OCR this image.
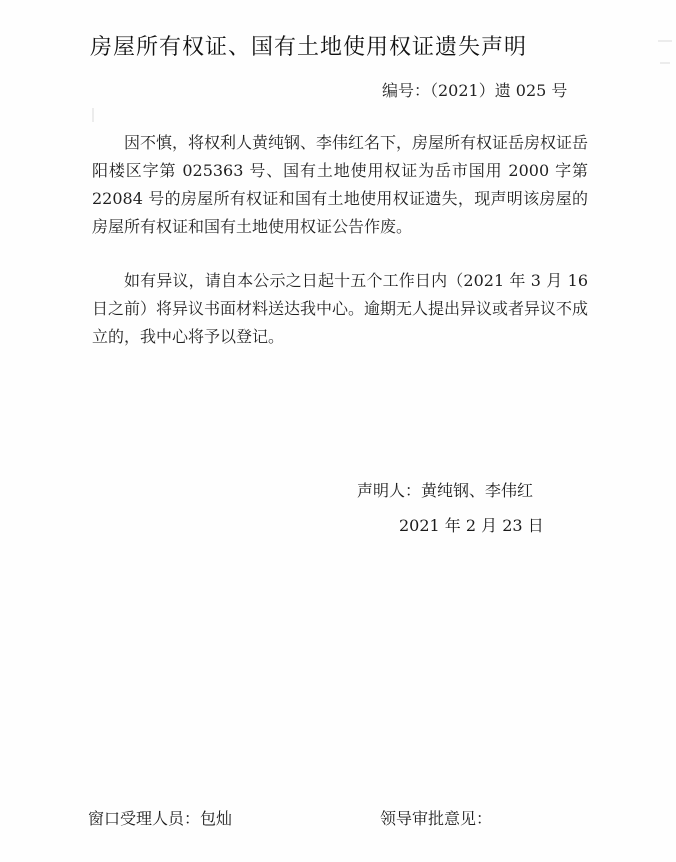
房屋所有权证、国有土地使用权证遗失声明
编号：（2021）遗 025 号

因不慎，将权利人黄纯钢、李伟红名下，房屋所有权证岳房权证岳阳楼区字第 025363 号、国有土地使用权证为岳市国用 2000 字第 22084 号的房屋所有权证和国有土地使用权证遗失，现声明该房屋的房屋所有权证和国有土地使用权证公告作废。

如有异议，请自本公示之日起十五个工作日内（2021 年 3 月 16 日之前）将异议书面材料送达我中心。逾期无人提出异议或者异议不成立的，我中心将予以登记。

声明人：黄纯钢、李伟红
2021 年 2 月 23 日
窗口受理人员：包灿	领导审批意见：
